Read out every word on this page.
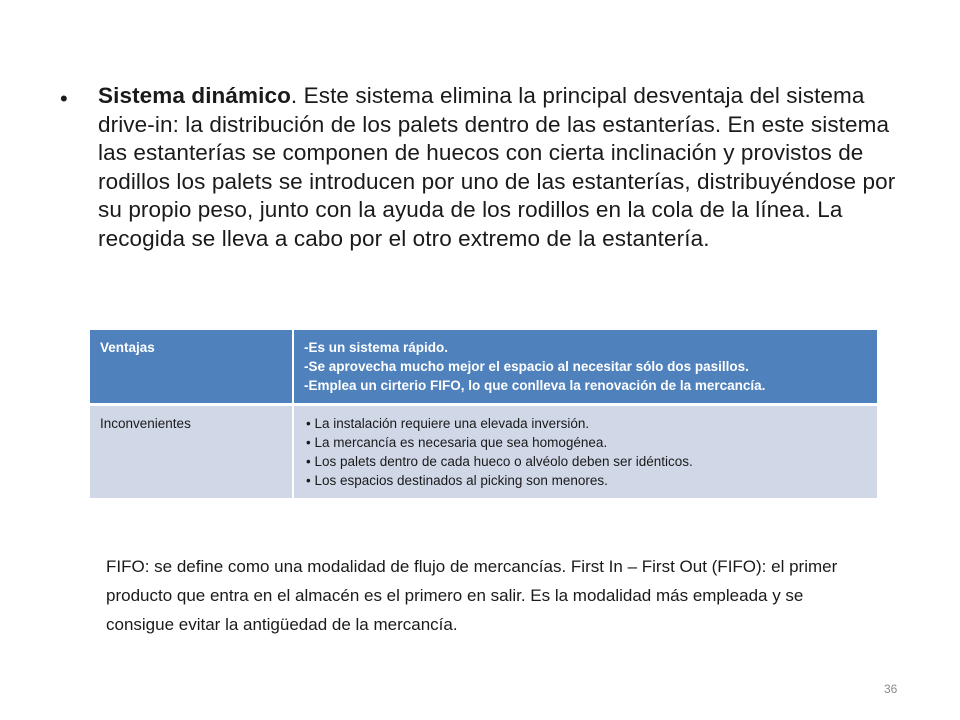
• Sistema dinámico. Este sistema elimina la principal desventaja del sistema drive-in: la distribución de los palets dentro de las estanterías. En este sistema las estanterías se componen de huecos con cierta inclinación y provistos de rodillos los palets se introducen por uno de las estanterías, distribuyéndose por su propio peso, junto con la ayuda de los rodillos en la cola de la línea. La recogida se lleva a cabo por el otro extremo de la estantería.
Ventajas	-Es un sistema rápido.
-Se aprovecha mucho mejor el espacio al necesitar sólo dos pasillos.
-Emplea un cirterio FIFO, lo que conlleva la renovación de la mercancía.

Inconvenientes	• La instalación requiere una elevada inversión.
• La mercancía es necesaria que sea homogénea.
• Los palets dentro de cada hueco o alvéolo deben ser idénticos.
• Los espacios destinados al picking son menores.
FIFO: se define como una modalidad de flujo de mercancías. First In – First Out (FIFO): el primer producto que entra en el almacén es el primero en salir. Es la modalidad más empleada y se consigue evitar la antigüedad de la mercancía.
36
